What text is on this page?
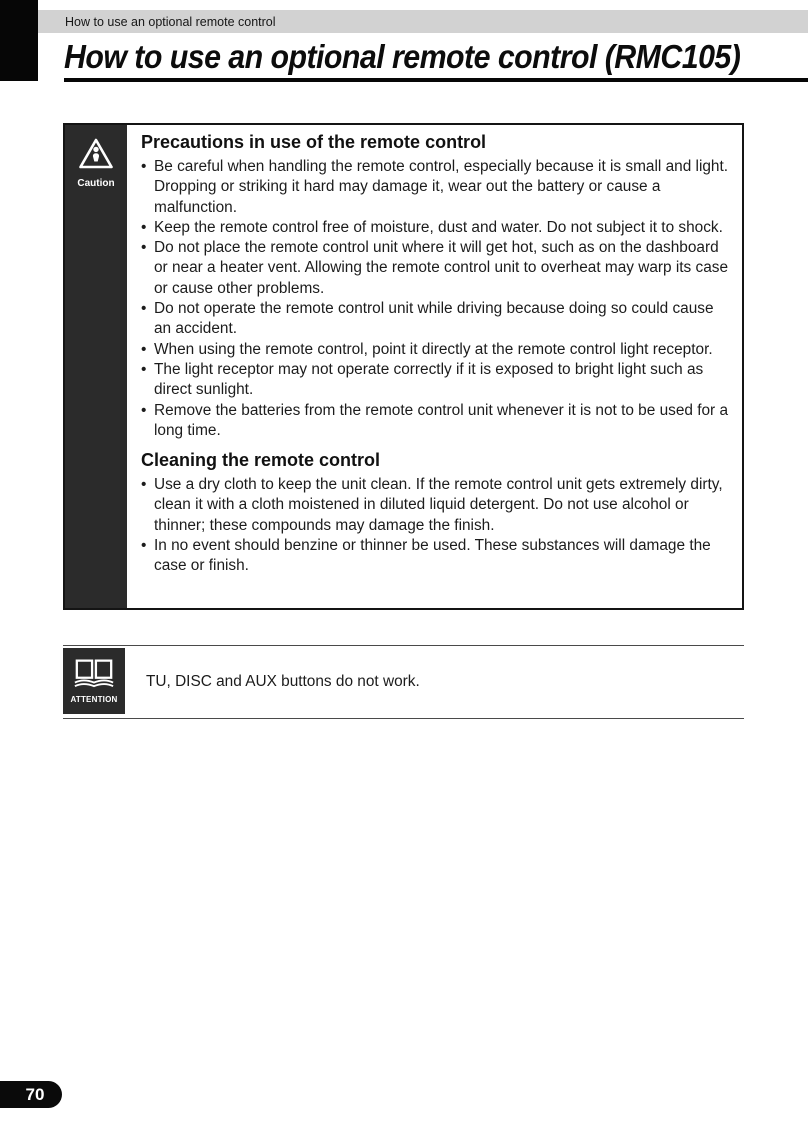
How to use an optional remote control
How to use an optional remote control (RMC105)
Caution
Precautions in use of the remote control
•
Be careful when handling the remote control, especially because it is small and light. Dropping or striking it hard may damage it, wear out the battery or cause a malfunction.
•
Keep the remote control free of moisture, dust and water. Do not subject it to shock.
•
Do not place the remote control unit where it will get hot, such as on the dashboard or near a heater vent. Allowing the remote control unit to overheat may warp its case or cause other problems.
•
Do not operate the remote control unit while driving because doing so could cause an accident.
•
When using the remote control, point it directly at the remote control light receptor.
•
The light receptor may not operate correctly if it is exposed to bright light such as direct sunlight.
•
Remove the batteries from the remote control unit whenever it is not to be used for a long time.
Cleaning the remote control
•
Use a dry cloth to keep the unit clean. If the remote control unit gets extremely dirty, clean it with a cloth moistened in diluted liquid detergent. Do not use alcohol or thinner; these compounds may damage the finish.
•
In no event should benzine or thinner be used. These substances will damage the case or finish.
ATTENTION
TU, DISC and AUX buttons do not work.
70
